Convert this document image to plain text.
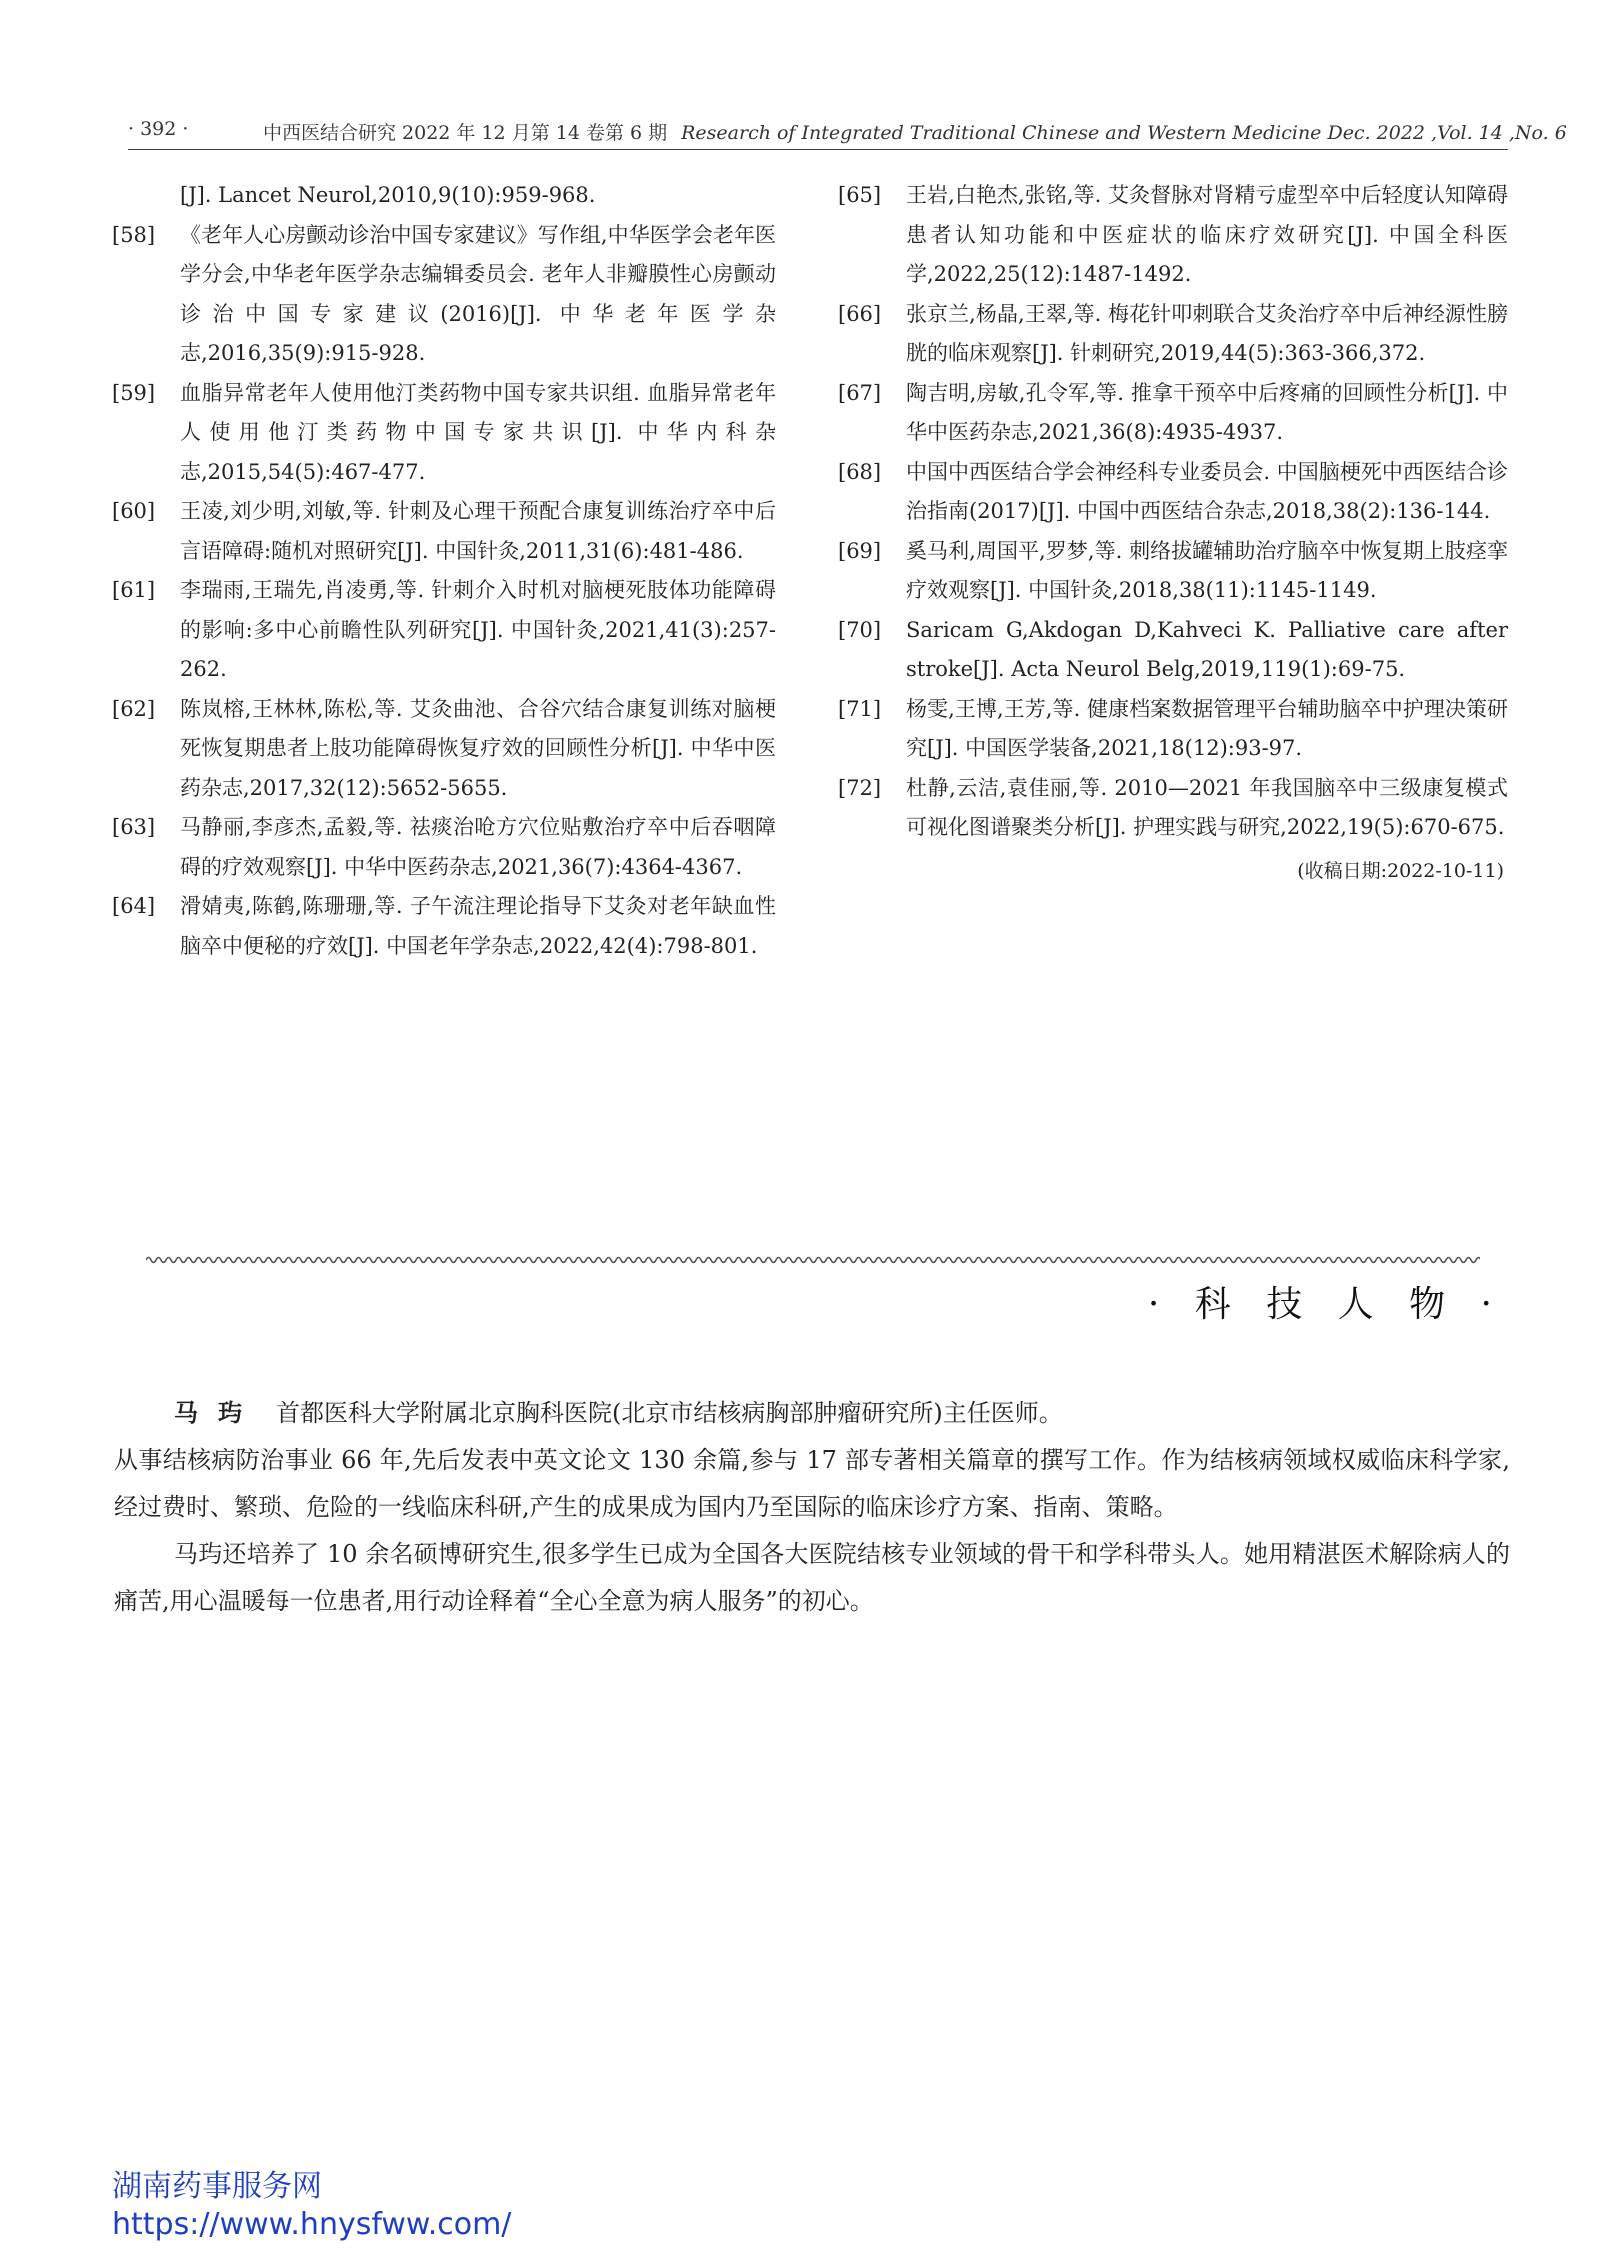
· 392 ·	中西医结合研究 2022 年 12 月第 14 卷第 6 期 Research of Integrated Traditional Chinese and Western Medicine Dec. 2022 ,Vol. 14 ,No. 6
[J]. Lancet Neurol,2010,9(10):959-968.
[58] 《老年人心房颤动诊治中国专家建议》写作组,中华医学会老年医学分会,中华老年医学杂志编辑委员会. 老年人非瓣膜性心房颤动诊治中国专家建议(2016)[J]. 中华老年医学杂志,2016,35(9):915-928.
[59] 血脂异常老年人使用他汀类药物中国专家共识组. 血脂异常老年人使用他汀类药物中国专家共识[J]. 中华内科杂志,2015,54(5):467-477.
[60] 王凌,刘少明,刘敏,等. 针刺及心理干预配合康复训练治疗卒中后言语障碍:随机对照研究[J]. 中国针灸,2011,31(6):481-486.
[61] 李瑞雨,王瑞先,肖凌勇,等. 针刺介入时机对脑梗死肢体功能障碍的影响:多中心前瞻性队列研究[J]. 中国针灸,2021,41(3):257-262.
[62] 陈岚榕,王林林,陈松,等. 艾灸曲池、合谷穴结合康复训练对脑梗死恢复期患者上肢功能障碍恢复疗效的回顾性分析[J]. 中华中医药杂志,2017,32(12):5652-5655.
[63] 马静丽,李彦杰,孟毅,等. 祛痰治呛方穴位贴敷治疗卒中后吞咽障碍的疗效观察[J]. 中华中医药杂志,2021,36(7):4364-4367.
[64] 滑婧夷,陈鹤,陈珊珊,等. 子午流注理论指导下艾灸对老年缺血性脑卒中便秘的疗效[J]. 中国老年学杂志,2022,42(4):798-801.
[65] 王岩,白艳杰,张铭,等. 艾灸督脉对肾精亏虚型卒中后轻度认知障碍患者认知功能和中医症状的临床疗效研究[J]. 中国全科医学,2022,25(12):1487-1492.
[66] 张京兰,杨晶,王翠,等. 梅花针叩刺联合艾灸治疗卒中后神经源性膀胱的临床观察[J]. 针刺研究,2019,44(5):363-366,372.
[67] 陶吉明,房敏,孔令军,等. 推拿干预卒中后疼痛的回顾性分析[J]. 中华中医药杂志,2021,36(8):4935-4937.
[68] 中国中西医结合学会神经科专业委员会. 中国脑梗死中西医结合诊治指南(2017)[J]. 中国中西医结合杂志,2018,38(2):136-144.
[69] 奚马利,周国平,罗梦,等. 刺络拔罐辅助治疗脑卒中恢复期上肢痉挛疗效观察[J]. 中国针灸,2018,38(11):1145-1149.
[70] Saricam G,Akdogan D,Kahveci K. Palliative care after stroke[J]. Acta Neurol Belg,2019,119(1):69-75.
[71] 杨雯,王博,王芳,等. 健康档案数据管理平台辅助脑卒中护理决策研究[J]. 中国医学装备,2021,18(12):93-97.
[72] 杜静,云洁,袁佳丽,等. 2010—2021 年我国脑卒中三级康复模式可视化图谱聚类分析[J]. 护理实践与研究,2022,19(5):670-675.
(收稿日期:2022-10-11)
· 科 技 人 物 ·

马玙 首都医科大学附属北京胸科医院(北京市结核病胸部肿瘤研究所)主任医师。

从事结核病防治事业 66 年,先后发表中英文论文 130 余篇,参与 17 部专著相关篇章的撰写工作。作为结核病领域权威临床科学家,经过费时、繁琐、危险的一线临床科研,产生的成果成为国内乃至国际的临床诊疗方案、指南、策略。

马玙还培养了 10 余名硕博研究生,很多学生已成为全国各大医院结核专业领域的骨干和学科带头人。她用精湛医术解除病人的痛苦,用心温暖每一位患者,用行动诠释着“全心全意为病人服务”的初心。

湖南药事服务网
https://www.hnysfww.com/
